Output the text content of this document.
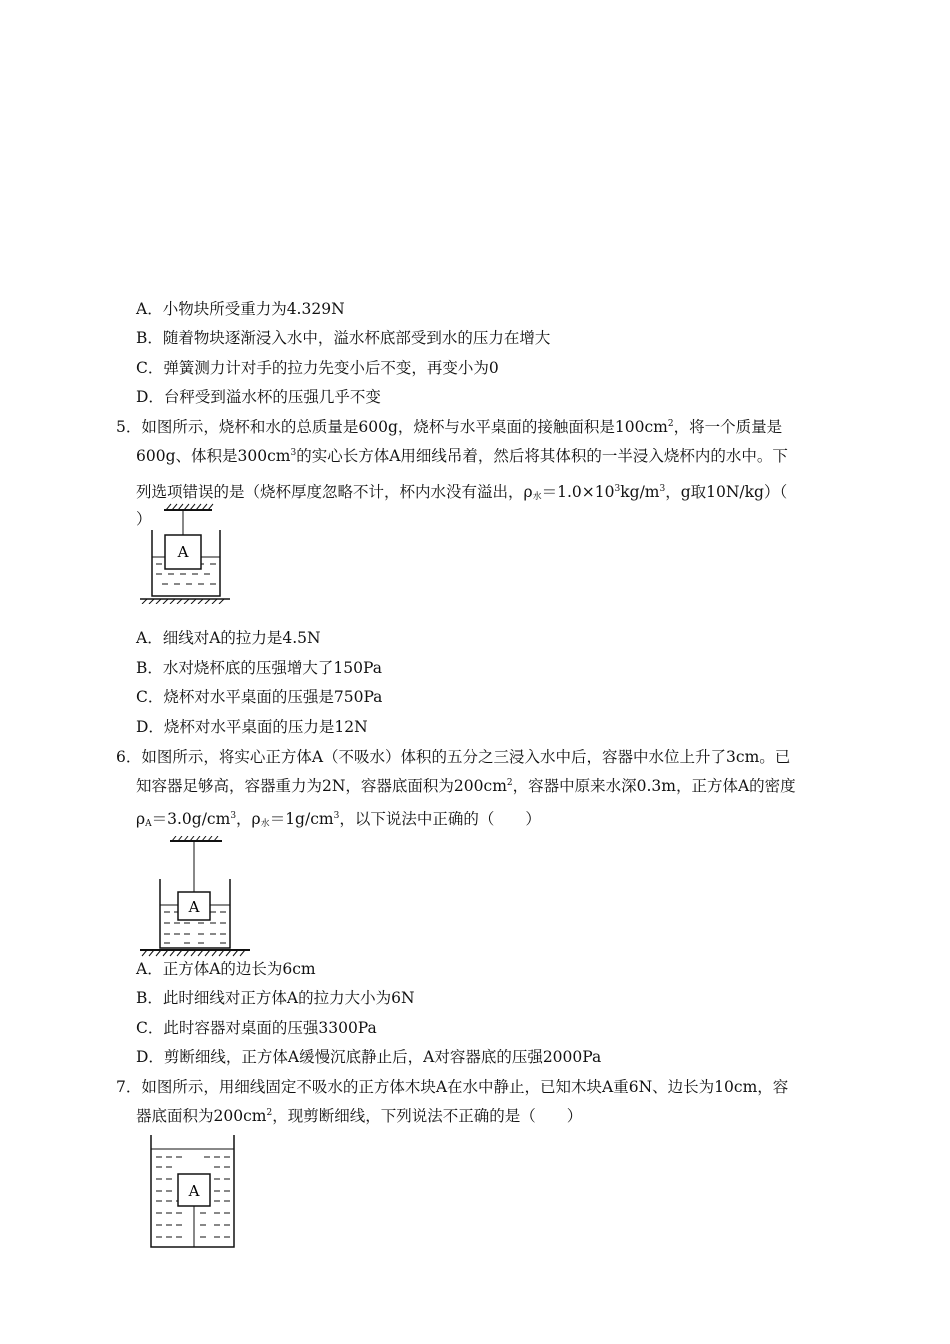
A．小物块所受重力为4.329N
B．随着物块逐渐浸入水中，溢水杯底部受到水的压力在增大
C．弹簧测力计对手的拉力先变小后不变，再变小为0
D．台秤受到溢水杯的压强几乎不变
5．如图所示，烧杯和水的总质量是600g，烧杯与水平桌面的接触面积是$100cm^2$，将一个质量是
600g、体积是$300cm^3$的实心长方体A用细线吊着，然后将其体积的一半浸入烧杯内的水中。下
列选项错误的是（烧杯厚度忽略不计，杯内水没有溢出，$\rho_水=1.0\times 10^3kg/m^3$，g取10N/kg）（
）
A
A．细线对A的拉力是4.5N
B．水对烧杯底的压强增大了150Pa
C．烧杯对水平桌面的压强是750Pa
D．烧杯对水平桌面的压力是12N
6．如图所示，将实心正方体A（不吸水）体积的五分之三浸入水中后，容器中水位上升了3cm。已
知容器足够高，容器重力为2N，容器底面积为$200cm^2$，容器中原来水深0.3m，正方体A的密度
$\rho_A=3.0g/cm^3$，$\rho_水=1g/cm^3$，以下说法中正确的（　　）
A
A．正方体A的边长为6cm
B．此时细线对正方体A的拉力大小为6N
C．此时容器对桌面的压强3300Pa
D．剪断细线，正方体A缓慢沉底静止后，A对容器底的压强2000Pa
7．如图所示，用细线固定不吸水的正方体木块A在水中静止，已知木块A重6N、边长为10cm，容
器底面积为$200cm^2$，现剪断细线，下列说法不正确的是（　　）
A
